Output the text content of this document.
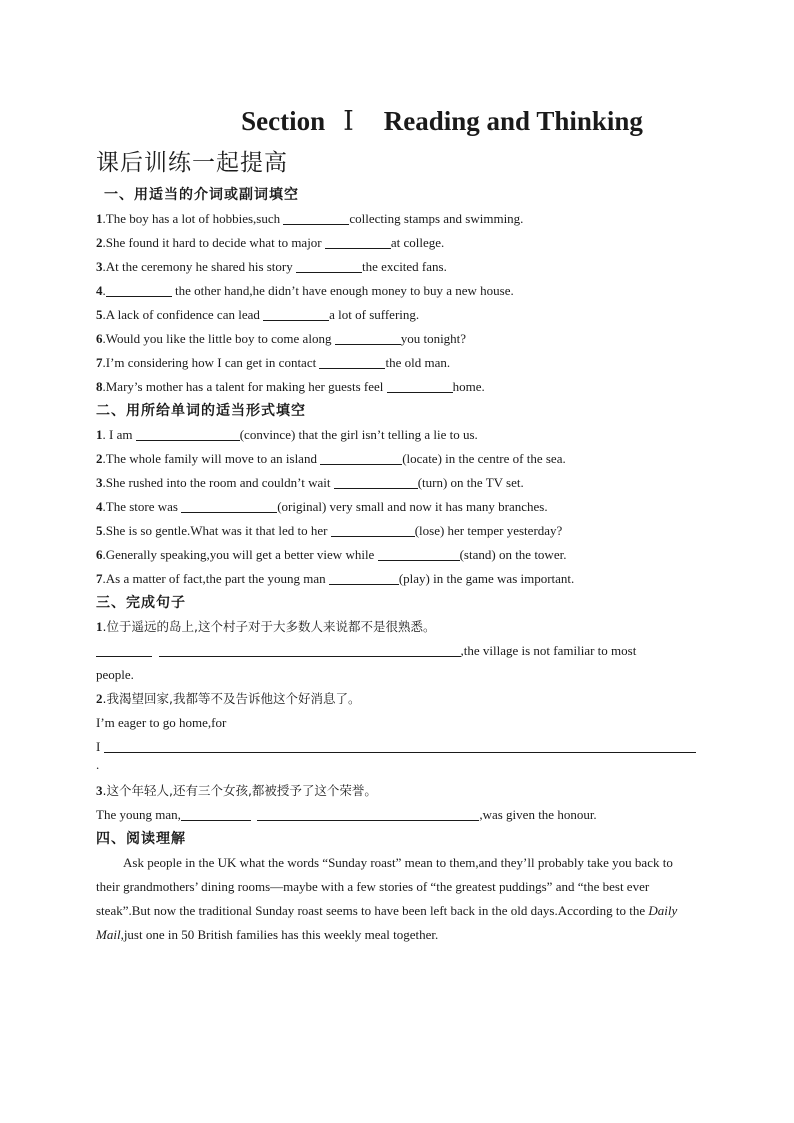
Section Ⅰ Reading and Thinking
课后训练一起提高
一、用适当的介词或副词填空
1.The boy has a lot of hobbies,such	collecting stamps and swimming.
2.She found it hard to decide what to major	at college.
3.At the ceremony he shared his story	the excited fans.
4.	the other hand,he didn’t have enough money to buy a new house.
5.A lack of confidence can lead	a lot of suffering.
6.Would you like the little boy to come along	you tonight?
7.I’m considering how I can get in contact	the old man.
8.Mary’s mother has a talent for making her guests feel	home.
二、用所给单词的适当形式填空
1. I am	(convince) that the girl isn’t telling a lie to us.
2.The whole family will move to an island	(locate) in the centre of the sea.
3.She rushed into the room and couldn’t wait	(turn) on the TV set.
4.The store was	(original) very small and now it has many branches.
5.She is so gentle.What was it that led to her	(lose) her temper yesterday?
6.Generally speaking,you will get a better view while	(stand) on the tower.
7.As a matter of fact,the part the young man	(play) in the game was important.
三、完成句子
1.位于遥远的岛上,这个村子对于大多数人来说都不是很熟悉。
,the village is not familiar to most
people.
2.我渴望回家,我都等不及告诉他这个好消息了。
I’m eager to go home,for
I
.
3.这个年轻人,还有三个女孩,都被授予了这个荣誉。
The young man,	,was given the honour.
四、阅读理解
Ask people in the UK what the words “Sunday roast” mean to them,and they’ll probably take you back to their grandmothers’ dining rooms—maybe with a few stories of “the greatest puddings” and “the best ever steak”.But now the traditional Sunday roast seems to have been left back in the old days.According to the Daily Mail,just one in 50 British families has this weekly meal together.
